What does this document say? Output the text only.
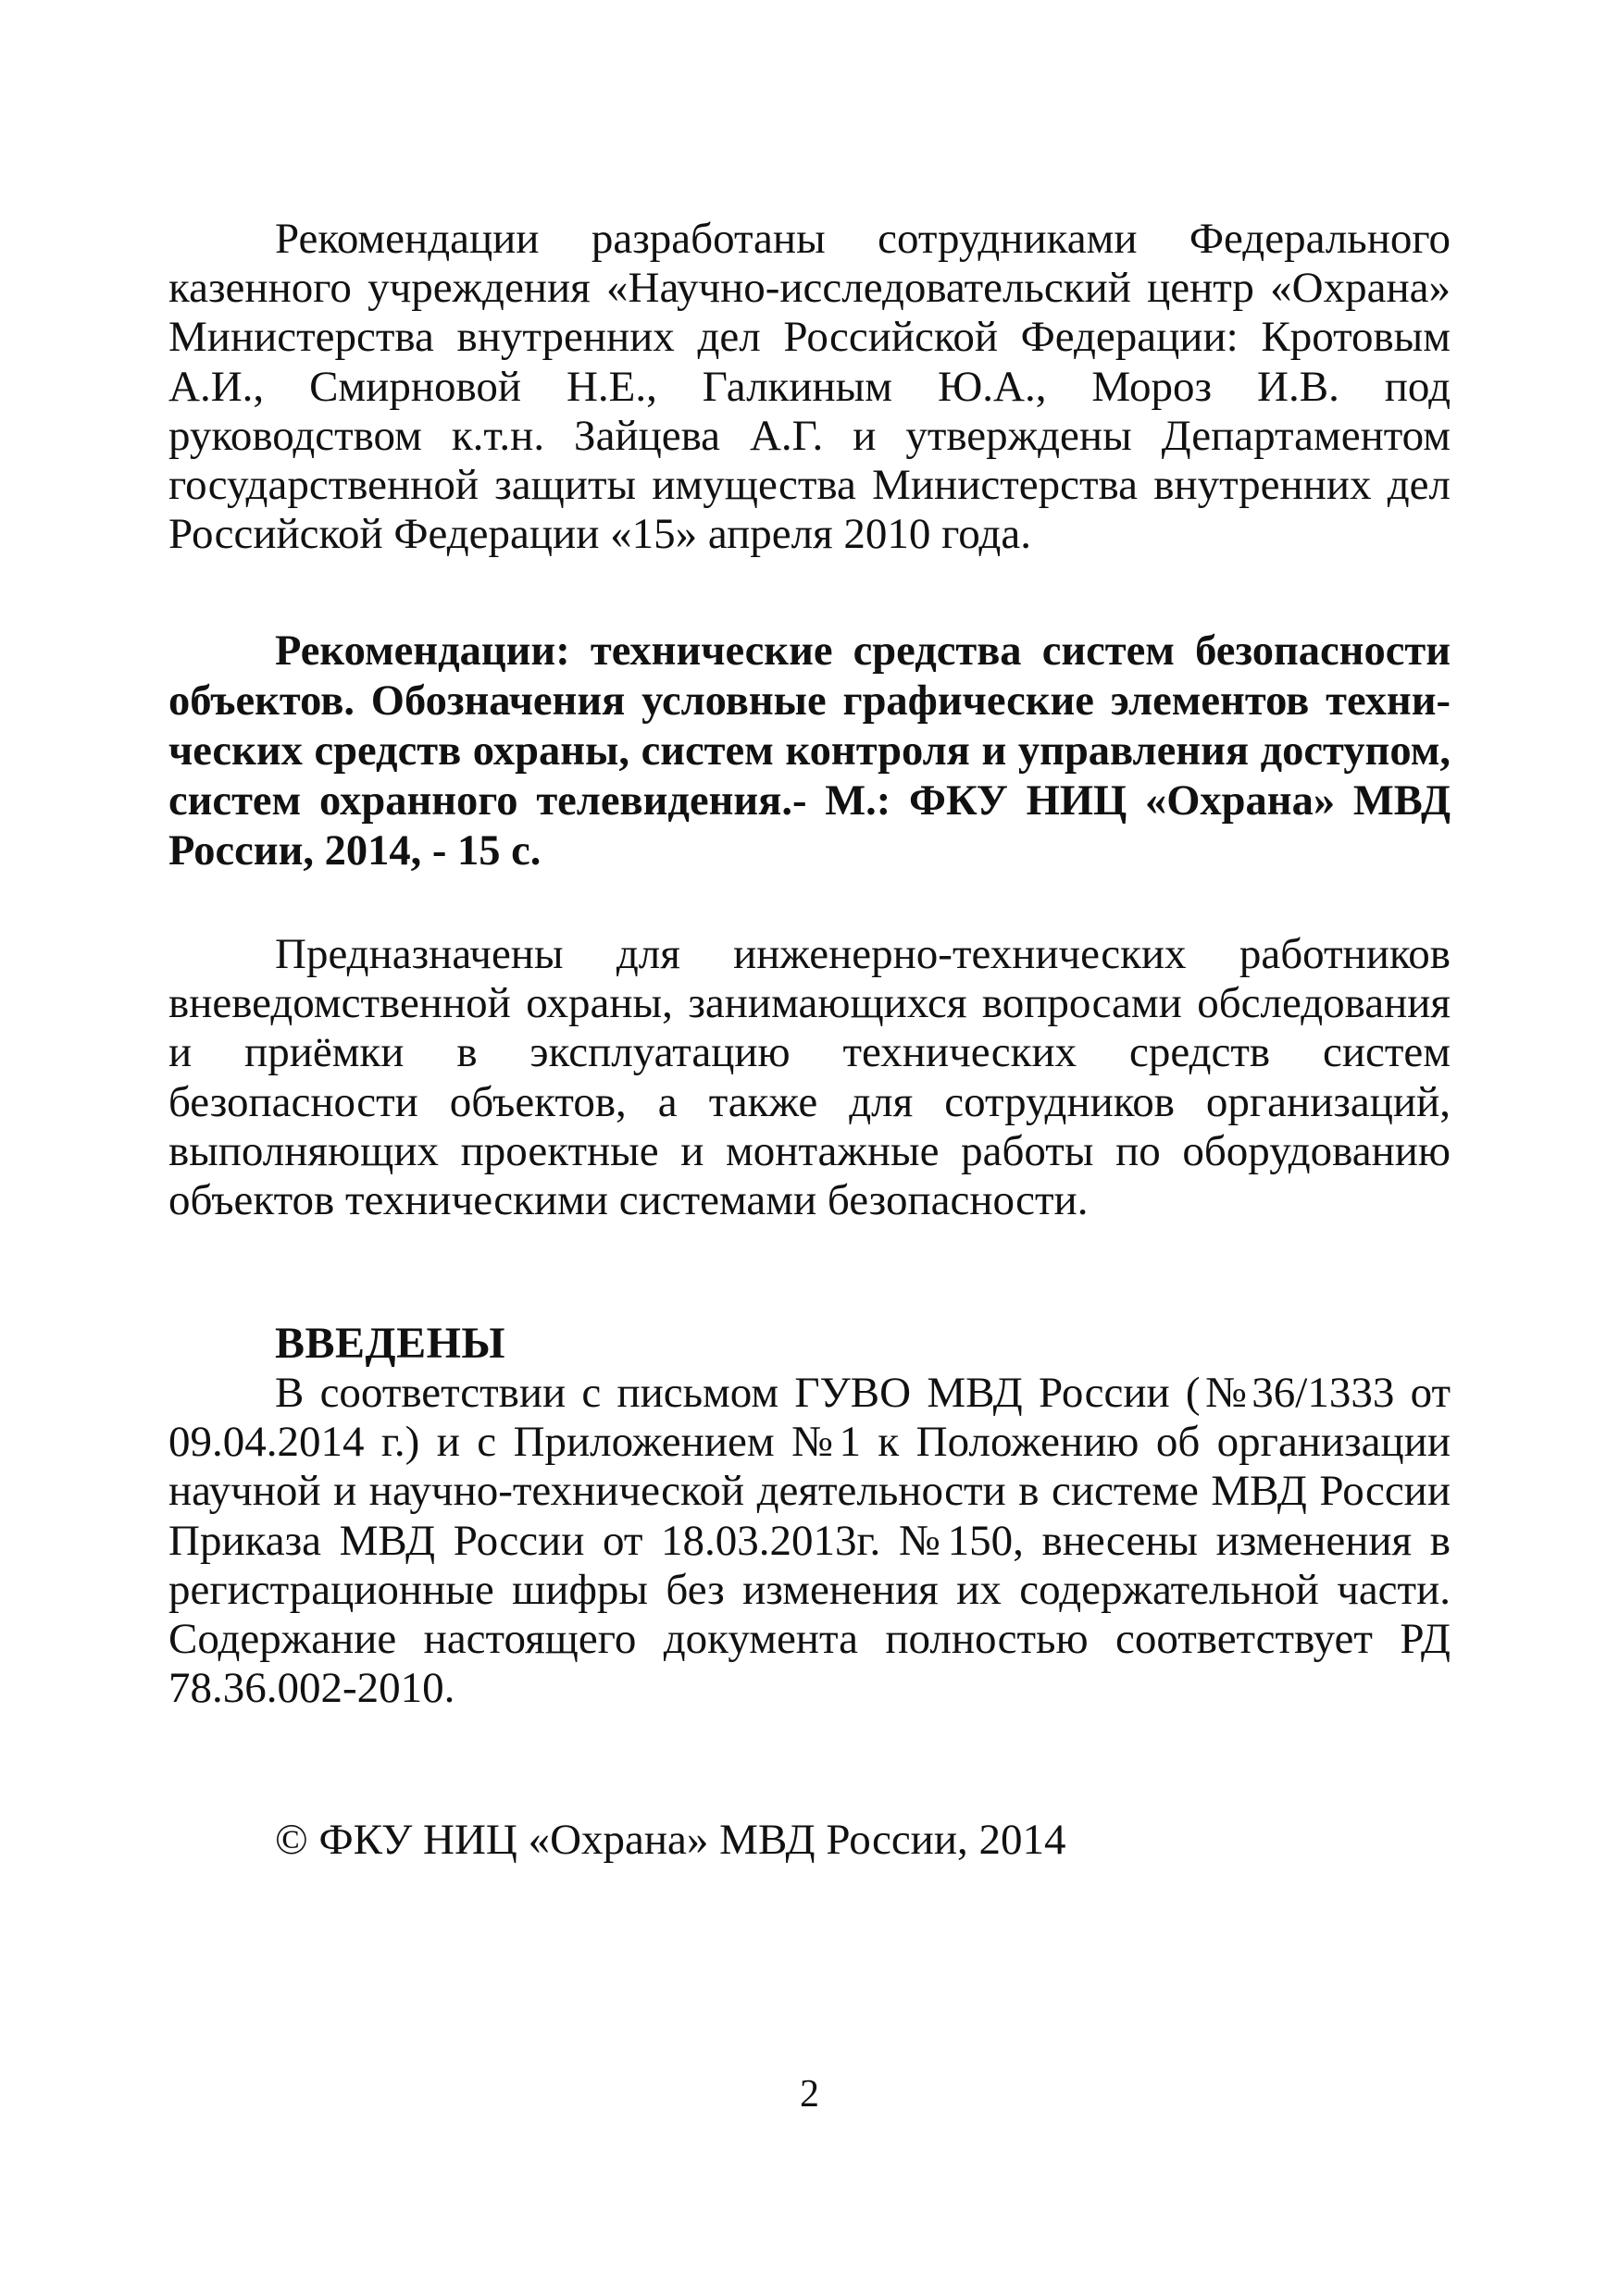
Рекомендации разработаны сотрудниками Федерального казенного учреждения «Научно-исследовательский центр «Охрана» Министерства внутренних дел Российской Федерации: Кротовым А.И., Смирновой Н.Е., Галкиным Ю.А., Мороз И.В. под руководством к.т.н. Зайцева А.Г. и утверждены Департаментом государственной защиты имущества Министерства внутренних дел Российской Федерации «15» апреля 2010 года.

Рекомендации: технические средства систем безопасности объектов. Обозначения условные графические элементов технических средств охраны, систем контроля и управления доступом, систем охранного телевидения.- М.: ФКУ НИЦ «Охрана» МВД России, 2014, - 15 с.

Предназначены для инженерно-технических работников вневедомственной охраны, занимающихся вопросами обследования и приёмки в эксплуатацию технических средств систем безопасности объектов, а также для сотрудников организаций, выполняющих проектные и монтажные работы по оборудованию объектов техническими системами безопасности.

ВВЕДЕНЫ

В соответствии с письмом ГУВО МВД России (№36/1333 от 09.04.2014 г.) и с Приложением №1 к Положению об организации научной и научно-технической деятельности в системе МВД России Приказа МВД России от 18.03.2013г. №150, внесены изменения в регистрационные шифры без изменения их содержательной части. Содержание настоящего документа полностью соответствует РД 78.36.002-2010.

© ФКУ НИЦ «Охрана» МВД России, 2014

2
